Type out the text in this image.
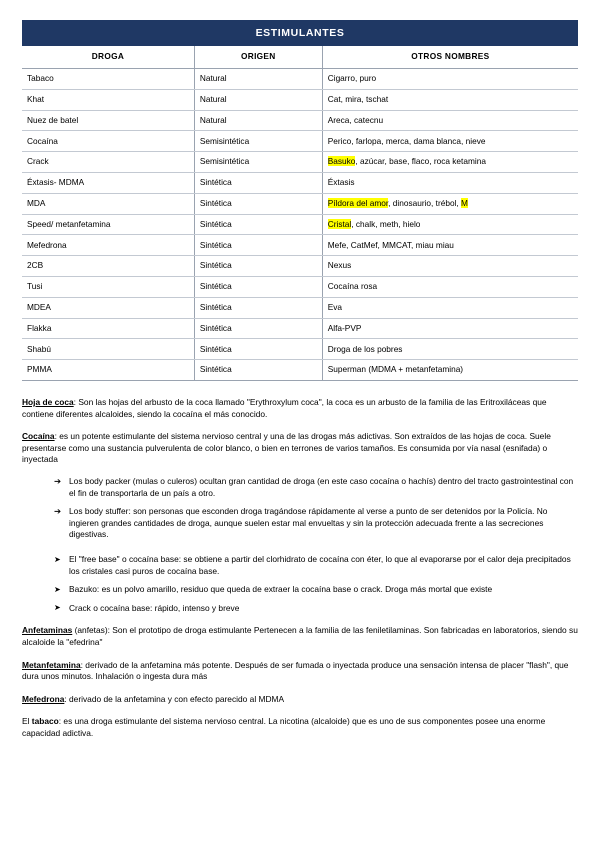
ESTIMULANTES
DROGA	ORIGEN	OTROS NOMBRES
Tabaco	Natural	Cigarro, puro
Khat	Natural	Cat, mira, tschat
Nuez de batel	Natural	Areca, catecnu
Cocaína	Semisintética	Perico, farlopa, merca, dama blanca, nieve
Crack	Semisintética	Basuko, azúcar, base, flaco, roca ketamina
Éxtasis- MDMA	Sintética	Éxtasis
MDA	Sintética	Píldora del amor, dinosaurio, trébol, M
Speed/ metanfetamina	Sintética	Cristal, chalk, meth, hielo
Mefedrona	Sintética	Mefe, CatMef, MMCAT, miau miau
2CB	Sintética	Nexus
Tusi	Sintética	Cocaína rosa
MDEA	Sintética	Eva
Flakka	Sintética	Alfa-PVP
Shabú	Sintética	Droga de los pobres
PMMA	Sintética	Superman (MDMA + metanfetamina)

Hoja de coca: Son las hojas del arbusto de la coca llamado "Erythroxylum coca", la coca es un arbusto de la familia de las Eritroxiláceas que contiene diferentes alcaloides, siendo la cocaína el más conocido.

Cocaína: es un potente estimulante del sistema nervioso central y una de las drogas más adictivas. Son extraídos de las hojas de coca. Suele presentarse como una sustancia pulverulenta de color blanco, o bien en terrones de varios tamaños. Es consumida por vía nasal (esnifada) o inyectada

➔ Los body packer (mulas o culeros) ocultan gran cantidad de droga (en este caso cocaína o hachís) dentro del tracto gastrointestinal con el fin de transportarla de un país a otro.
➔ Los body stuffer: son personas que esconden droga tragándose rápidamente al verse a punto de ser detenidos por la Policía. No ingieren grandes cantidades de droga, aunque suelen estar mal envueltas y sin la protección adecuada frente a las secreciones digestivas.
➤ El "free base" o cocaína base: se obtiene a partir del clorhidrato de cocaína con éter, lo que al evaporarse por el calor deja precipitados los cristales casi puros de cocaína base.
➤ Bazuko: es un polvo amarillo, residuo que queda de extraer la cocaína base o crack. Droga más mortal que existe
➤ Crack o cocaína base: rápido, intenso y breve

Anfetaminas (anfetas): Son el prototipo de droga estimulante Pertenecen a la familia de las feniletilaminas. Son fabricadas en laboratorios, siendo su alcaloide la "efedrina"

Metanfetamina: derivado de la anfetamina más potente. Después de ser fumada o inyectada produce una sensación intensa de placer "flash", que dura unos minutos. Inhalación o ingesta dura más

Mefedrona: derivado de la anfetamina y con efecto parecido al MDMA

El tabaco: es una droga estimulante del sistema nervioso central. La nicotina (alcaloide) que es uno de sus componentes posee una enorme capacidad adictiva.
